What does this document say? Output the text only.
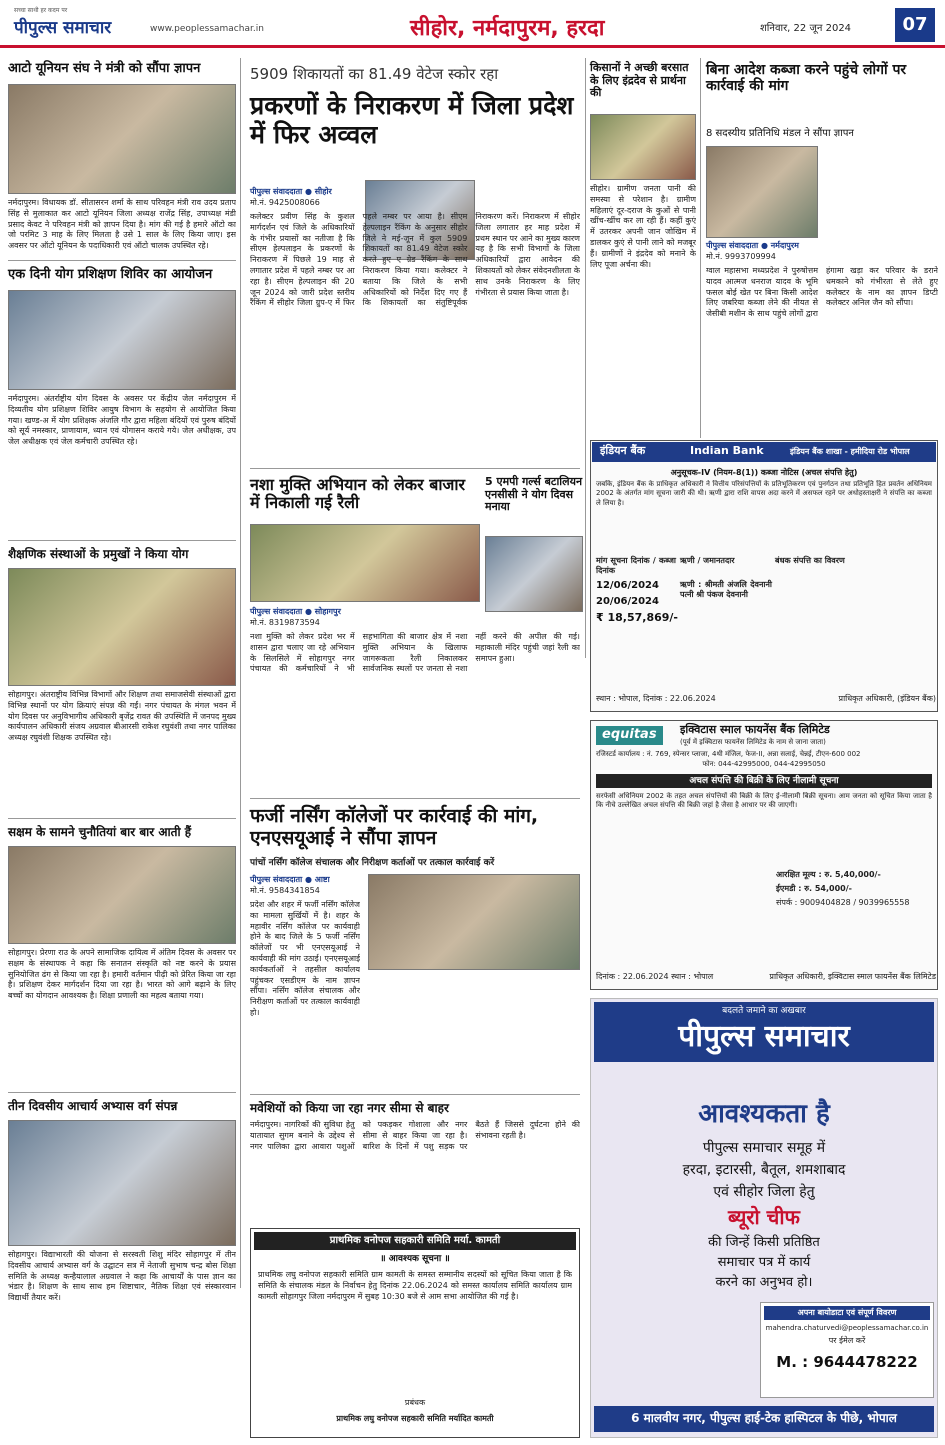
सच्चा साथी हर कदम पर
पीपुल्स समाचार	www.peoplessamachar.in	सीहोर, नर्मदापुरम, हरदा	शनिवार, 22 जून 2024	07
आटो यूनियन संघ ने मंत्री को सौंपा ज्ञापन
नर्मदापुरम। विधायक डॉ. सीतासरन शर्मा के साथ परिवहन मंत्री राव उदय प्रताप सिंह से मुलाकात कर आटो यूनियन जिला अध्यक्ष राजेंद्र सिंह, उपाध्यक्ष मंडी प्रसाद केवट ने परिवहन मंत्री को ज्ञापन दिया है। मांग की गई है हमारे ऑटो का जो परमिट 3 माह के लिए मिलता है उसे 1 साल के लिए किया जाए। इस अवसर पर ऑटो यूनियन के पदाधिकारी एवं ऑटो चालक उपस्थित रहे।
एक दिनी योग प्रशिक्षण शिविर का आयोजन
नर्मदापुरम। अंतर्राष्ट्रीय योग दिवस के अवसर पर केंद्रीय जेल नर्मदापुरम में दिव्यतीय योग प्रशिक्षण शिविर आयुष विभाग के सहयोग से आयोजित किया गया। खण्ड-अ में योग प्रशिक्षक अंजलि गौर द्वारा महिला बंदियों एवं पुरुष बंदियों को सूर्य नमस्कार, प्राणायाम, ध्यान एवं योगासन कराये गये। जेल अधीक्षक, उप जेल अधीक्षक एवं जेल कर्मचारी उपस्थित रहे।
शैक्षणिक संस्थाओं के प्रमुखों ने किया योग
सोहागपुर। अंतराष्ट्रीय विभिन्न विभागों और शिक्षण तथा समाजसेवी संस्थाओं द्वारा विभिन्न स्थानों पर योग क्रियाएं संपन्न की गईं। नगर पंचायत के मंगल भवन में योग दिवस पर अनुविभागीय अधिकारी बृजेंद्र रावत की उपस्थिति में जनपद मुख्य कार्यपालन अधिकारी संजय अग्रवाल बीआरसी राकेश रघुवंशी तथा नगर पालिका अध्यक्ष रघुवंशी शिक्षक उपस्थित रहे।
सक्षम के सामने चुनौतियां बार बार आती हैं
सोहागपुर। प्रेरणा राउ के अपने सामाजिक दायित्व में अंतिम दिवस के अवसर पर सक्षम के संस्थापक ने कहा कि सनातन संस्कृति को नष्ट करने के प्रयास सुनियोजित ढंग से किया जा रहा है। हमारी वर्तमान पीढ़ी को प्रेरित किया जा रहा है। प्रशिक्षण देकर मार्गदर्शन दिया जा रहा है। भारत को आगे बढ़ाने के लिए बच्चों का योगदान आवश्यक है। शिक्षा प्रणाली का महत्व बताया गया।
तीन दिवसीय आचार्य अभ्यास वर्ग संपन्न
सोहागपुर। विद्याभारती की योजना से सरस्वती शिशु मंदिर सोहागपुर में तीन दिवसीय आचार्य अभ्यास वर्ग के उद्घाटन सत्र में नेताजी सुभाष चन्द्र बोस शिक्षा समिति के अध्यक्ष कन्हैयालाल अग्रवाल ने कहा कि आचार्यों के पास ज्ञान का भंडार है। शिक्षण के साथ साथ हम शिष्टाचार, नैतिक शिक्षा एवं संस्कारवान विद्यार्थी तैयार करें।
5909 शिकायतों का 81.49 वेटेज स्कोर रहा
प्रकरणों के निराकरण में जिला प्रदेश में फिर अव्वल
पीपुल्स संवाददाता ● सीहोर
मो.नं. 9425008066
कलेक्टर प्रवीण सिंह के कुशल मार्गदर्शन एवं जिले के अधिकारियों के गंभीर प्रयासों का नतीजा है कि सीएम हेल्पलाइन के प्रकरणों के निराकरण में पिछले 19 माह से लगातार प्रदेश में पहले नम्बर पर आ रहा है। सीएम हेल्पलाइन की 20 जून 2024 को जारी प्रदेश स्तरीय रैंकिंग में सीहोर जिला ग्रुप-ए में फिर पहले नम्बर पर आया है। सीएम हेल्पलाइन रैंकिंग के अनुसार सीहोर जिले ने मई-जून में कुल 5909 शिकायतों का 81.49 वेटेज स्कोर करते हुए ए ग्रेड रैंकिंग के साथ निराकरण किया गया। कलेक्टर ने बताया कि जिले के सभी अधिकारियों को निर्देश दिए गए हैं कि शिकायतों का संतुष्टिपूर्वक निराकरण करें। निराकरण में सीहोर जिला लगातार हर माह प्रदेश में प्रथम स्थान पर आने का मुख्य कारण यह है कि सभी विभागों के जिला अधिकारियों द्वारा आवेदन की शिकायतों को लेकर संवेदनशीलता के साथ उनके निराकरण के लिए गंभीरता से प्रयास किया जाता है।
नशा मुक्ति अभियान को लेकर बाजार में निकाली गई रैली
पीपुल्स संवाददाता ● सोहागपुर
मो.नं. 8319873594
नशा मुक्ति को लेकर प्रदेश भर में शासन द्वारा चलाए जा रहे अभियान के सिलसिले में सोहागपुर नगर पंचायत की कर्मचारियों ने भी सहभागिता की बाजार क्षेत्र में नशा मुक्ति अभियान के खिलाफ जागरूकता रैली निकालकर सार्वजनिक स्थलों पर जनता से नशा नहीं करने की अपील की गई। महाकाली मंदिर पहुंची जहां रैली का समापन हुआ।
फर्जी नर्सिंग कॉलेजों पर कार्रवाई की मांग, एनएसयूआई ने सौंपा ज्ञापन
पांचों नर्सिंग कॉलेज संचालक और निरीक्षण कर्ताओं पर तत्काल कार्रवाई करें
पीपुल्स संवाददाता ● आष्टा
मो.नं. 9584341854
प्रदेश और शहर में फर्जी नर्सिंग कॉलेज का मामला सुर्खियों में है। शहर के महावीर नर्सिंग कॉलेज पर कार्यवाही होने के बाद जिले के 5 फर्जी नर्सिंग कॉलेजों पर भी एनएसयूआई ने कार्यवाही की मांग उठाई। एनएसयूआई कार्यकर्ताओं ने तहसील कार्यालय पहुंचकर एसडीएम के नाम ज्ञापन सौंपा। नर्सिंग कॉलेज संचालक और निरीक्षण कर्ताओं पर तत्काल कार्यवाही हो।
मवेशियों को किया जा रहा नगर सीमा से बाहर
नर्मदापुरम। नागरिकों की सुविधा हेतु यातायात सुगम बनाने के उद्देश्य से नगर पालिका द्वारा आवारा पशुओं को पकड़कर गोशाला और नगर सीमा से बाहर किया जा रहा है। बारिश के दिनों में पशु सड़क पर बैठते हैं जिससे दुर्घटना होने की संभावना रहती है।
प्राथमिक वनोपज सहकारी समिति मर्या. कामती
॥ आवश्यक सूचना ॥
प्राथमिक लघु वनोपज सहकारी समिति ग्राम कामती के समस्त सम्मानीय सदस्यों को सूचित किया जाता है कि समिति के संचालक मंडल के निर्वाचन हेतु दिनांक 22.06.2024 को समस्त कार्यालय समिति कार्यालय ग्राम कामती सोहागपुर जिला नर्मदापुरम में सुबह 10:30 बजे से आम सभा आयोजित की गई है।
प्रबंधक
प्राथमिक लघु वनोपज सहकारी समिति मर्यादित कामती
किसानों ने अच्छी बरसात के लिए इंद्रदेव से प्रार्थना की
सीहोर। ग्रामीण जनता पानी की समस्या से परेशान है। ग्रामीण महिलाएं दूर-दराज के कुओं से पानी खींच-खींच कर ला रही हैं। कहीं कुएं में उतरकर अपनी जान जोखिम में डालकर कुएं से पानी लाने को मजबूर हैं। ग्रामीणों ने इंद्रदेव को मनाने के लिए पूजा अर्चना की।
बिना आदेश कब्जा करने पहुंचे लोगों पर कार्रवाई की मांग
8 सदस्यीय प्रतिनिधि मंडल ने सौंपा ज्ञापन
पीपुल्स संवाददाता ● नर्मदापुरम
मो.नं. 9993709994
ग्वाल महासभा मध्यप्रदेश ने पुरुषोत्तम यादव आत्मज धनराज यादव के भूमि फसल बोई खेत पर बिना किसी आदेश लिए जबरिया कब्जा लेने की नीयत से जेसीबी मशीन के साथ पहुंचे लोगों द्वारा हंगामा खड़ा कर परिवार के डराने धमकाने को गंभीरता से लेते हुए कलेक्टर के नाम का ज्ञापन डिप्टी कलेक्टर अनिल जैन को सौंपा।
इंडियन बैंक	Indian Bank	इंडियन बैंक शाखा - हमीदिया रोड भोपाल
अनुसूचक-IV (नियम-8(1)) कब्जा नोटिस (अचल संपत्ति हेतु)
जबकि, इंडियन बैंक के प्राधिकृत अधिकारी ने वित्तीय परिसंपत्तियों के प्रतिभूतिकरण एवं पुनर्गठन तथा प्रतिभूति हित प्रवर्तन अधिनियम 2002 के अंतर्गत मांग सूचना जारी की थी। ऋणी द्वारा राशि वापस अदा करने में असफल रहने पर अधोहस्ताक्षरी ने संपत्ति का कब्जा ले लिया है।
मांग सूचना दिनांक / कब्जा दिनांक
ऋणी / जमानतदार	बंधक संपत्ति का विवरण
12/06/2024
20/06/2024
₹ 18,57,869/-
ऋणी : श्रीमती अंजलि देवनानी पत्नी श्री पंकज देवनानी
स्थान : भोपाल, दिनांक : 22.06.2024	प्राधिकृत अधिकारी, (इंडियन बैंक)
equitas	इक्विटास स्माल फायनेंस बैंक लिमिटेड
(पूर्व में इक्विटास फायनेंस लिमिटेड के नाम से जाना जाता)
रजिस्टर्ड कार्यालय : नं. 769, स्पेन्सर प्लाजा, 4थी मंजिल, फेज-II, अन्ना सलाई, चेन्नई, टीएन-600 002
फोन: 044-42995000, 044-42995050
अचल संपत्ति की बिक्री के लिए नीलामी सूचना
सरफेसी अधिनियम 2002 के तहत अचल संपत्तियों की बिक्री के लिए ई-नीलामी बिक्री सूचना। आम जनता को सूचित किया जाता है कि नीचे उल्लेखित अचल संपत्ति की बिक्री जहां है जैसा है आधार पर की जाएगी।
आरक्षित मूल्य : रु. 5,40,000/-
ईएमडी : रु. 54,000/-
संपर्क : 9009404828 / 9039965558
दिनांक : 22.06.2024 स्थान : भोपाल	प्राधिकृत अधिकारी, इक्विटास स्माल फायनेंस बैंक लिमिटेड
5 एमपी गर्ल्स बटालियन एनसीसी ने योग दिवस मनाया
बदलते जमाने का अखबार
पीपुल्स समाचार
आवश्यकता है
पीपुल्स समाचार समूह में
हरदा, इटारसी, बैतूल, शमशाबाद
एवं सीहोर जिला हेतु
ब्यूरो चीफ
की जिन्हें किसी प्रतिष्ठित
समाचार पत्र में कार्य
करने का अनुभव हो।
अपना बायोडाटा एवं संपूर्ण विवरण
mahendra.chaturvedi@peoplessamachar.co.in
पर ईमेल करें
M. : 9644478222
6 मालवीय नगर, पीपुल्स हाई-टेक हास्पिटल के पीछे, भोपाल
